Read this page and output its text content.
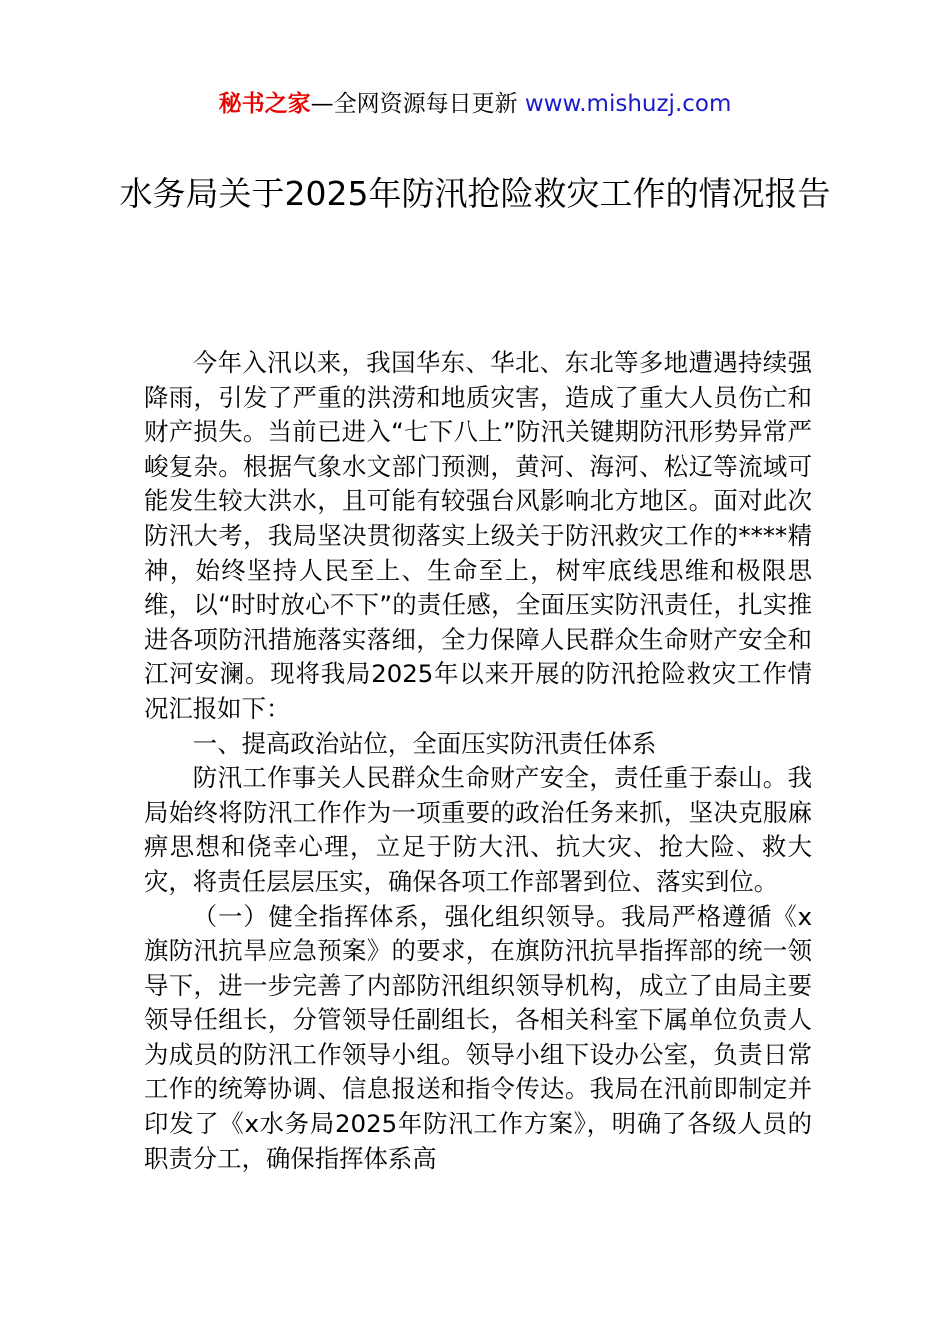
秘书之家—全网资源每日更新 www.mishuzj.com
水务局关于2025年防汛抢险救灾工作的情况报告

今年入汛以来，我国华东、华北、东北等多地遭遇持续强降雨，引发了严重的洪涝和地质灾害，造成了重大人员伤亡和财产损失。当前已进入“七下八上”防汛关键期防汛形势异常严峻复杂。根据气象水文部门预测，黄河、海河、松辽等流域可能发生较大洪水，且可能有较强台风影响北方地区。面对此次防汛大考，我局坚决贯彻落实上级关于防汛救灾工作的****精神，始终坚持人民至上、生命至上，树牢底线思维和极限思维，以“时时放心不下”的责任感，全面压实防汛责任，扎实推进各项防汛措施落实落细，全力保障人民群众生命财产安全和江河安澜。现将我局2025年以来开展的防汛抢险救灾工作情况汇报如下：

一、提高政治站位，全面压实防汛责任体系

防汛工作事关人民群众生命财产安全，责任重于泰山。我局始终将防汛工作作为一项重要的政治任务来抓，坚决克服麻痹思想和侥幸心理，立足于防大汛、抗大灾、抢大险、救大灾，将责任层层压实，确保各项工作部署到位、落实到位。

（一）健全指挥体系，强化组织领导。我局严格遵循《x旗防汛抗旱应急预案》的要求，在旗防汛抗旱指挥部的统一领导下，进一步完善了内部防汛组织领导机构，成立了由局主要领导任组长，分管领导任副组长，各相关科室下属单位负责人为成员的防汛工作领导小组。领导小组下设办公室，负责日常工作的统筹协调、信息报送和指令传达。我局在汛前即制定并印发了《x水务局2025年防汛工作方案》，明确了各级人员的职责分工，确保指挥体系高
